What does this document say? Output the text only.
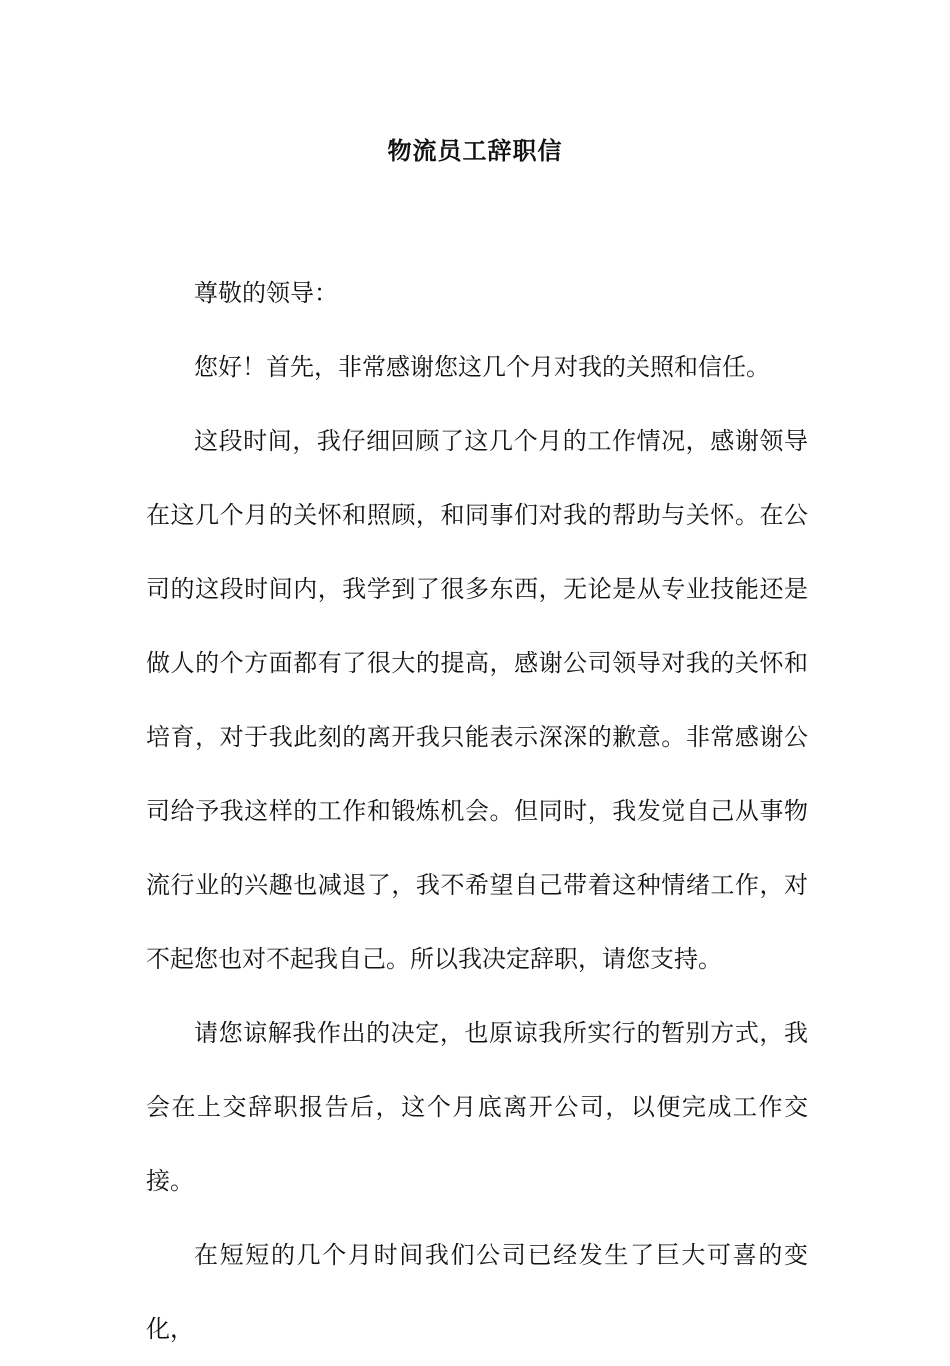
物流员工辞职信

尊敬的领导：

您好！首先，非常感谢您这几个月对我的关照和信任。

这段时间，我仔细回顾了这几个月的工作情况，感谢领导在这几个月的关怀和照顾，和同事们对我的帮助与关怀。在公司的这段时间内，我学到了很多东西，无论是从专业技能还是做人的个方面都有了很大的提高，感谢公司领导对我的关怀和培育，对于我此刻的离开我只能表示深深的歉意。非常感谢公司给予我这样的工作和锻炼机会。但同时，我发觉自己从事物流行业的兴趣也减退了，我不希望自己带着这种情绪工作，对不起您也对不起我自己。所以我决定辞职，请您支持。

请您谅解我作出的决定，也原谅我所实行的暂别方式，我会在上交辞职报告后，这个月底离开公司，以便完成工作交接。

在短短的几个月时间我们公司已经发生了巨大可喜的变化，
